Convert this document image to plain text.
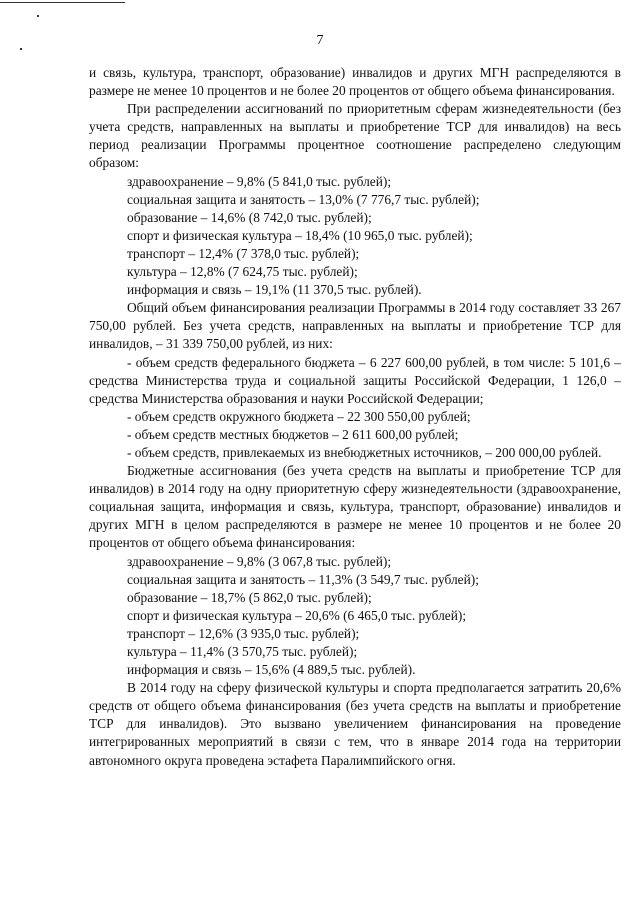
7

и связь, культура, транспорт, образование) инвалидов и других МГН распределяются в размере не менее 10 процентов и не более 20 процентов от общего объема финансирования.

При распределении ассигнований по приоритетным сферам жизнедеятельности (без учета средств, направленных на выплаты и приобретение ТСР для инвалидов) на весь период реализации Программы процентное соотношение распределено следующим образом:

здравоохранение – 9,8% (5 841,0 тыс. рублей);

социальная защита и занятость – 13,0% (7 776,7 тыс. рублей);

образование – 14,6% (8 742,0 тыс. рублей);

спорт и физическая культура – 18,4% (10 965,0 тыс. рублей);

транспорт – 12,4% (7 378,0 тыс. рублей);

культура – 12,8% (7 624,75 тыс. рублей);

информация и связь – 19,1% (11 370,5 тыс. рублей).

Общий объем финансирования реализации Программы в 2014 году составляет 33 267 750,00 рублей. Без учета средств, направленных на выплаты и приобретение ТСР для инвалидов, – 31 339 750,00 рублей, из них:

- объем средств федерального бюджета – 6 227 600,00 рублей, в том числе: 5 101,6 – средства Министерства труда и социальной защиты Российской Федерации, 1 126,0 – средства Министерства образования и науки Российской Федерации;

- объем средств окружного бюджета – 22 300 550,00 рублей;

- объем средств местных бюджетов – 2 611 600,00 рублей;

- объем средств, привлекаемых из внебюджетных источников, – 200 000,00 рублей.

Бюджетные ассигнования (без учета средств на выплаты и приобретение ТСР для инвалидов) в 2014 году на одну приоритетную сферу жизнедеятельности (здравоохранение, социальная защита, информация и связь, культура, транспорт, образование) инвалидов и других МГН в целом распределяются в размере не менее 10 процентов и не более 20 процентов от общего объема финансирования:

здравоохранение – 9,8% (3 067,8 тыс. рублей);

социальная защита и занятость – 11,3% (3 549,7 тыс. рублей);

образование – 18,7% (5 862,0 тыс. рублей);

спорт и физическая культура – 20,6% (6 465,0 тыс. рублей);

транспорт – 12,6% (3 935,0 тыс. рублей);

культура – 11,4% (3 570,75 тыс. рублей);

информация и связь – 15,6% (4 889,5 тыс. рублей).

В 2014 году на сферу физической культуры и спорта предполагается затратить 20,6% средств от общего объема финансирования (без учета средств на выплаты и приобретение ТСР для инвалидов). Это вызвано увеличением финансирования на проведение интегрированных мероприятий в связи с тем, что в январе 2014 года на территории автономного округа проведена эстафета Паралимпийского огня.
